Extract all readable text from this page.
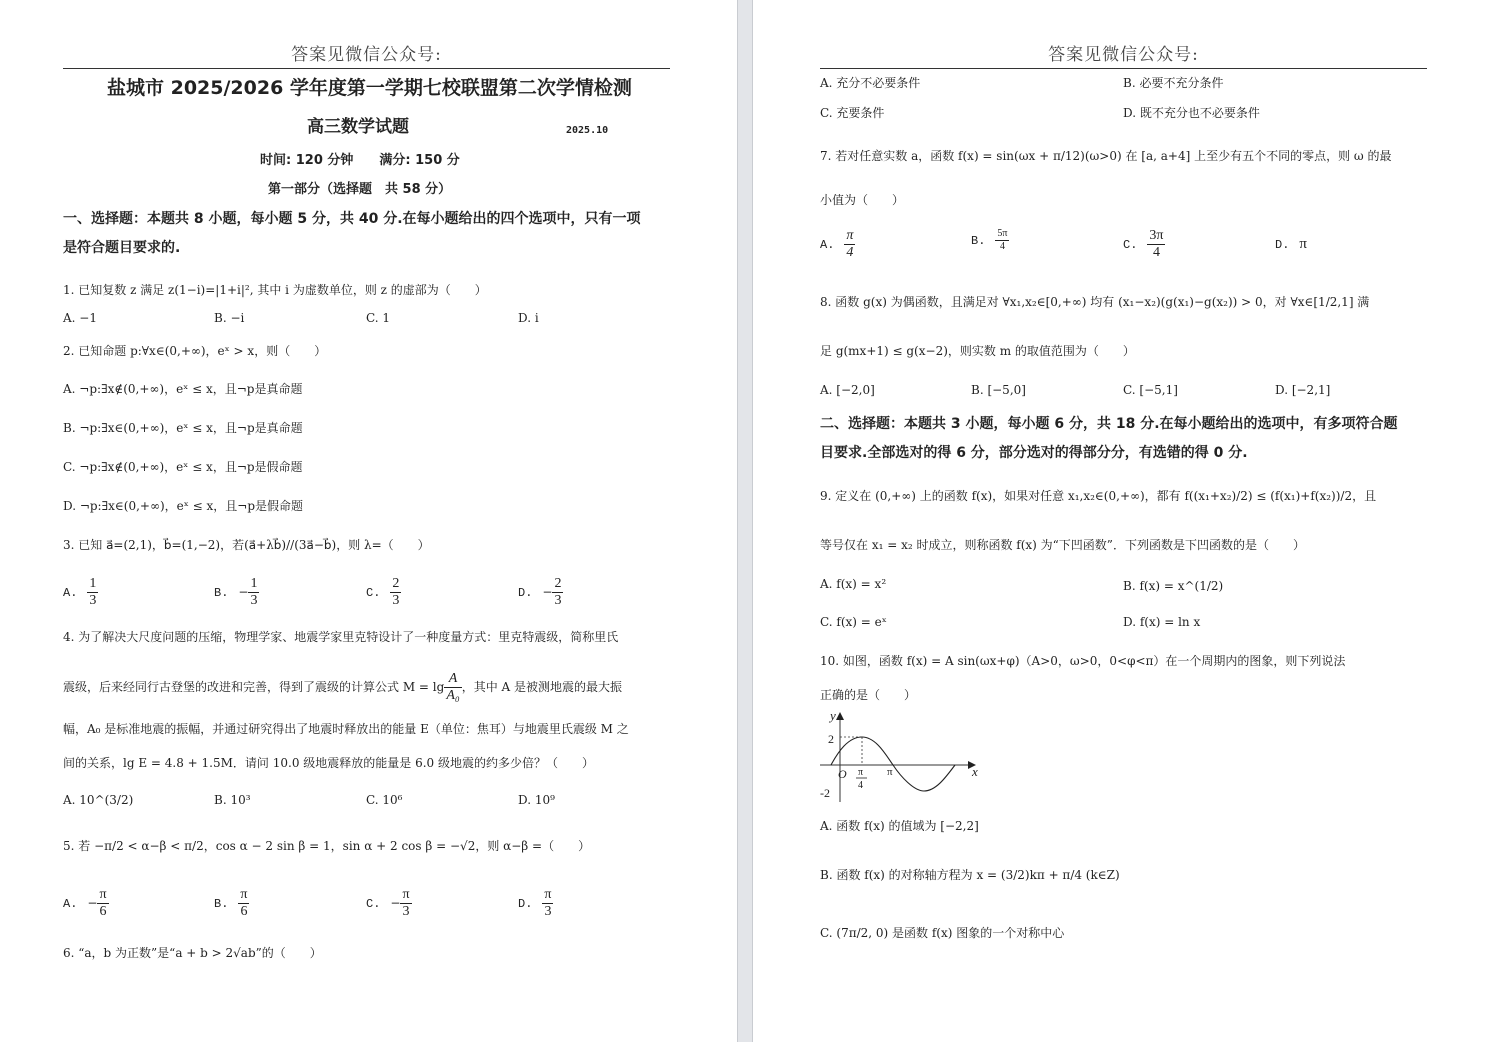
答案见微信公众号:
盐城市 2025/2026 学年度第一学期七校联盟第二次学情检测
高三数学试题	2025.10
时间: 120 分钟　　满分: 150 分
第一部分（选择题　共 58 分）
一、选择题：本题共 8 小题，每小题 5 分，共 40 分.在每小题给出的四个选项中，只有一项
是符合题目要求的.
1. 已知复数 z 满足 z(1−i)=|1+i|², 其中 i 为虚数单位，则 z 的虚部为（　　）
A. −1	B. −i	C. 1	D. i
2. 已知命题 p:∀x∈(0,+∞)，eˣ > x，则（　　）
A. ¬p:∃x∉(0,+∞)，eˣ ≤ x，且¬p是真命题
B. ¬p:∃x∈(0,+∞)，eˣ ≤ x，且¬p是真命题
C. ¬p:∃x∉(0,+∞)，eˣ ≤ x，且¬p是假命题
D. ¬p:∃x∈(0,+∞)，eˣ ≤ x，且¬p是假命题
3. 已知 a⃗=(2,1)，b⃗=(1,−2)，若(a⃗+λb⃗)//(3a⃗−b⃗)，则 λ=（　　）
A. $\frac{1}{3}$	B. − $\frac{1}{3}$	C. $\frac{2}{3}$	D. − $\frac{2}{3}$
4. 为了解决大尺度问题的压缩，物理学家、地震学家里克特设计了一种度量方式：里克特震级，简称里氏
震级，后来经同行古登堡的改进和完善，得到了震级的计算公式 $M = \lg \frac{A}{\text{A₀}}$ ，其中 A 是被测地震的最大振
幅，A₀ 是标准地震的振幅，并通过研究得出了地震时释放出的能量 E（单位：焦耳）与地震里氏震级 M 之
间的关系，lg E = 4.8 + 1.5M．请问 10.0 级地震释放的能量是 6.0 级地震的约多少倍？（　　）
A. 10^(3/2)	B. 10³	C. 10⁶	D. 10⁹
5. 若 −π/2 < α−β < π/2，cos α − 2 sin β = 1，sin α + 2 cos β = −√2，则 α−β =（　　）
A. − $\frac{\pi}{6}$	B. $\frac{\pi}{6}$	C. − $\frac{\pi}{3}$	D. $\frac{\pi}{3}$
6. “a，b 为正数”是“a + b > 2√ab”的（　　）
答案见微信公众号:
A. 充分不必要条件	B. 必要不充分条件
C. 充要条件	D. 既不充分也不必要条件
7. 若对任意实数 a，函数 f(x) = sin(ωx + π/12)(ω>0) 在 [a, a+4] 上至少有五个不同的零点，则 ω 的最
小值为（　　）
A. $\frac{\pi}{4}$	B. $\frac{5\pi}{4}$	C. $\frac{3\pi}{4}$	D. π
8. 函数 g(x) 为偶函数，且满足对 ∀x₁,x₂∈[0,+∞) 均有 (x₁−x₂)(g(x₁)−g(x₂)) > 0，对 ∀x∈[1/2,1] 满
足 g(mx+1) ≤ g(x−2)，则实数 m 的取值范围为（　　）
A. [−2,0]	B. [−5,0]	C. [−5,1]	D. [−2,1]
二、选择题：本题共 3 小题，每小题 6 分，共 18 分.在每小题给出的选项中，有多项符合题
目要求.全部选对的得 6 分，部分选对的得部分分，有选错的得 0 分.
9. 定义在 (0,+∞) 上的函数 f(x)，如果对任意 x₁,x₂∈(0,+∞)，都有 f((x₁+x₂)/2) ≤ (f(x₁)+f(x₂))/2，且
等号仅在 x₁ = x₂ 时成立，则称函数 f(x) 为“下凹函数”．下列函数是下凹函数的是（　　）
A. f(x) = x²	B. f(x) = x^(1/2)
C. f(x) = eˣ	D. f(x) = ln x
10. 如图，函数 f(x) = A sin(ωx+φ)（A>0，ω>0，0<φ<π）在一个周期内的图象，则下列说法
正确的是（　　）
A. 函数 f(x) 的值域为 [−2,2]
B. 函数 f(x) 的对称轴方程为 x = (3/2)kπ + π/4 (k∈Z)
C. (7π/2, 0) 是函数 f(x) 图象的一个对称中心
y
x
2
O
-2
π
4
π
